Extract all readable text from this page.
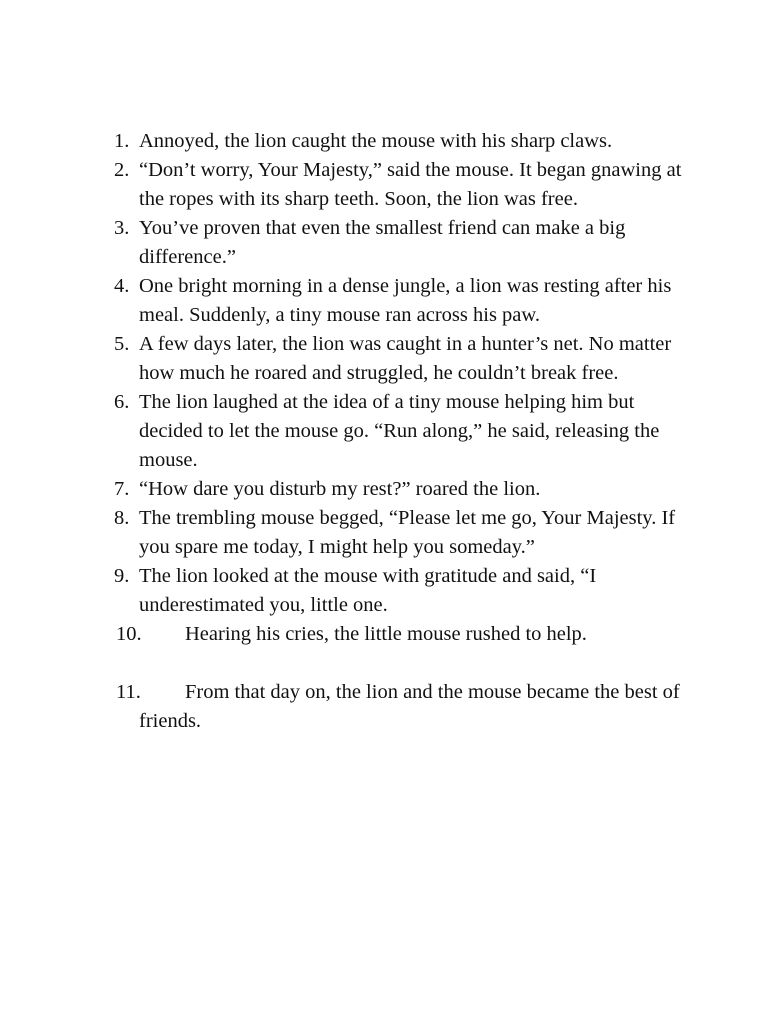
1. Annoyed, the lion caught the mouse with his sharp claws.
2. “Don’t worry, Your Majesty,” said the mouse. It began gnawing at the ropes with its sharp teeth. Soon, the lion was free.
3. You’ve proven that even the smallest friend can make a big difference.”
4. One bright morning in a dense jungle, a lion was resting after his meal. Suddenly, a tiny mouse ran across his paw.
5. A few days later, the lion was caught in a hunter’s net. No matter how much he roared and struggled, he couldn’t break free.
6. The lion laughed at the idea of a tiny mouse helping him but decided to let the mouse go. “Run along,” he said, releasing the mouse.
7. “How dare you disturb my rest?” roared the lion.
8. The trembling mouse begged, “Please let me go, Your Majesty. If you spare me today, I might help you someday.”
9. The lion looked at the mouse with gratitude and said, “I underestimated you, little one.
10. Hearing his cries, the little mouse rushed to help.
11. From that day on, the lion and the mouse became the best of friends.
